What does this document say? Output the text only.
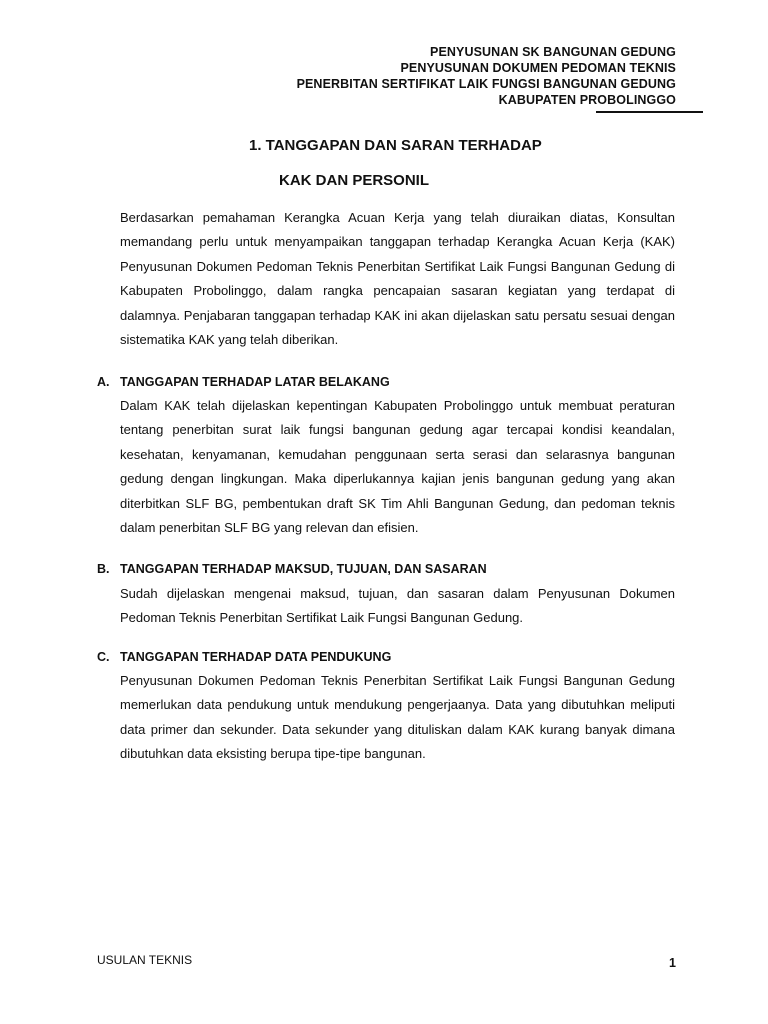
PENYUSUNAN SK BANGUNAN GEDUNG
PENYUSUNAN DOKUMEN PEDOMAN TEKNIS
PENERBITAN SERTIFIKAT LAIK FUNGSI BANGUNAN GEDUNG
KABUPATEN PROBOLINGGO
1. TANGGAPAN DAN SARAN TERHADAP
KAK DAN PERSONIL

Berdasarkan pemahaman Kerangka Acuan Kerja yang telah diuraikan diatas, Konsultan memandang perlu untuk menyampaikan tanggapan terhadap Kerangka Acuan Kerja (KAK) Penyusunan Dokumen Pedoman Teknis Penerbitan Sertifikat Laik Fungsi Bangunan Gedung di Kabupaten Probolinggo, dalam rangka pencapaian sasaran kegiatan yang terdapat di dalamnya. Penjabaran tanggapan terhadap KAK ini akan dijelaskan satu persatu sesuai dengan sistematika KAK yang telah diberikan.

A. TANGGAPAN TERHADAP LATAR BELAKANG

Dalam KAK telah dijelaskan kepentingan Kabupaten Probolinggo untuk membuat peraturan tentang penerbitan surat laik fungsi bangunan gedung agar tercapai kondisi keandalan, kesehatan, kenyamanan, kemudahan penggunaan serta serasi dan selarasnya bangunan gedung dengan lingkungan. Maka diperlukannya kajian jenis bangunan gedung yang akan diterbitkan SLF BG, pembentukan draft SK Tim Ahli Bangunan Gedung, dan pedoman teknis dalam penerbitan SLF BG yang relevan dan efisien.

B. TANGGAPAN TERHADAP MAKSUD, TUJUAN, DAN SASARAN

Sudah dijelaskan mengenai maksud, tujuan, dan sasaran dalam Penyusunan Dokumen Pedoman Teknis Penerbitan Sertifikat Laik Fungsi Bangunan Gedung.

C. TANGGAPAN TERHADAP DATA PENDUKUNG

Penyusunan Dokumen Pedoman Teknis Penerbitan Sertifikat Laik Fungsi Bangunan Gedung memerlukan data pendukung untuk mendukung pengerjaanya. Data yang dibutuhkan meliputi data primer dan sekunder. Data sekunder yang dituliskan dalam KAK kurang banyak dimana dibutuhkan data eksisting berupa tipe-tipe bangunan.

USULAN TEKNIS	1
